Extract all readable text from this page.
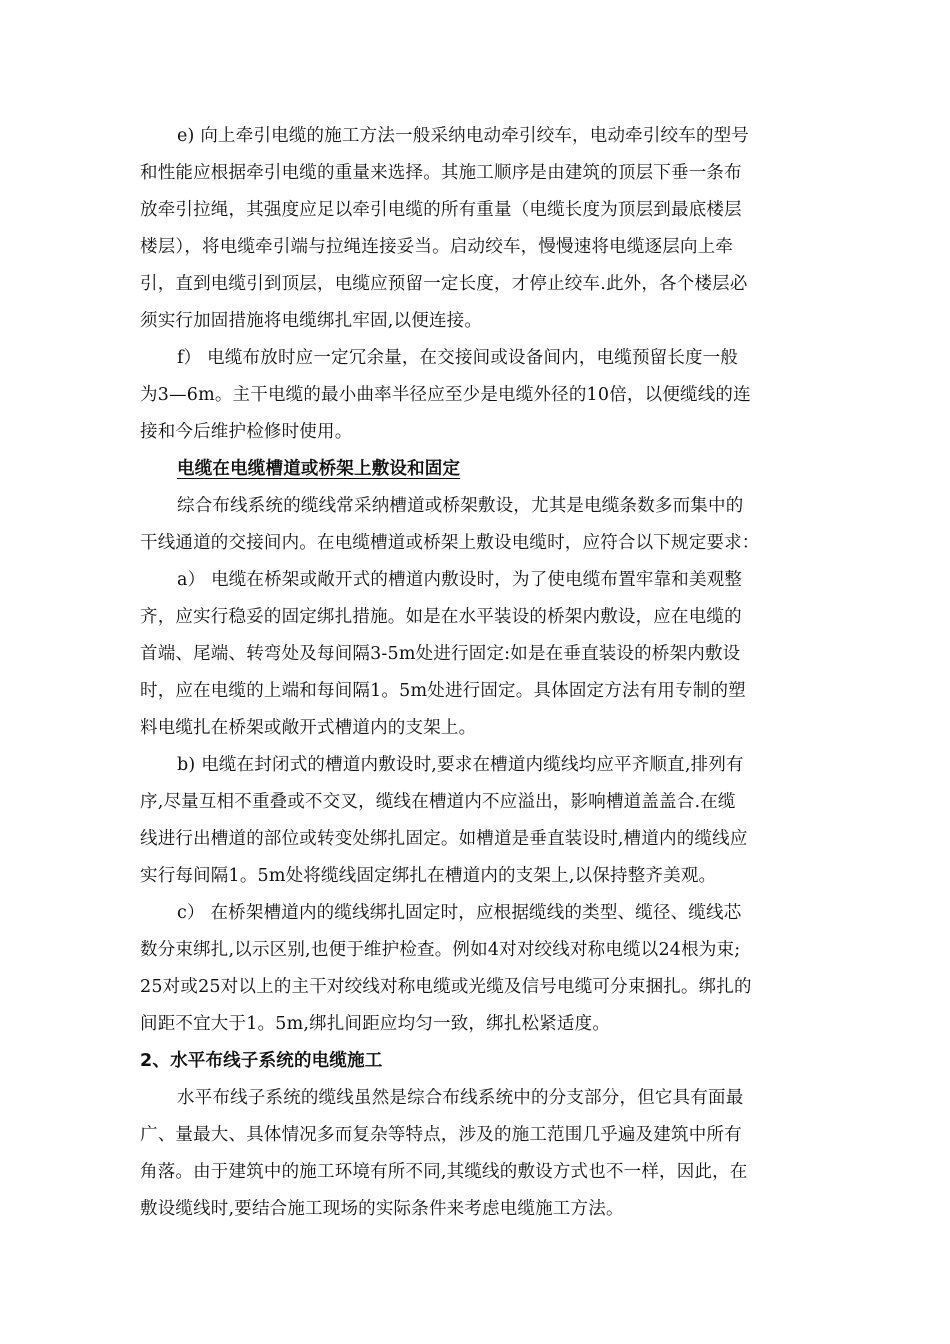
e) 向上牵引电缆的施工方法一般采纳电动牵引绞车，电动牵引绞车的型号
和性能应根据牵引电缆的重量来选择。其施工顺序是由建筑的顶层下垂一条布
放牵引拉绳，其强度应足以牵引电缆的所有重量（电缆长度为顶层到最底楼层
楼层），将电缆牵引端与拉绳连接妥当。启动绞车，慢慢速将电缆逐层向上牵
引，直到电缆引到顶层，电缆应预留一定长度，才停止绞车.此外，各个楼层必
须实行加固措施将电缆绑扎牢固,以便连接。
f） 电缆布放时应一定冗余量，在交接间或设备间内，电缆预留长度一般
为3—6m。主干电缆的最小曲率半径应至少是电缆外径的10倍，以便缆线的连
接和今后维护检修时使用。
电缆在电缆槽道或桥架上敷设和固定
综合布线系统的缆线常采纳槽道或桥架敷设，尤其是电缆条数多而集中的
干线通道的交接间内。在电缆槽道或桥架上敷设电缆时，应符合以下规定要求：
a） 电缆在桥架或敞开式的槽道内敷设时，为了使电缆布置牢靠和美观整
齐，应实行稳妥的固定绑扎措施。如是在水平装设的桥架内敷设，应在电缆的
首端、尾端、转弯处及每间隔3-5m处进行固定:如是在垂直装设的桥架内敷设
时，应在电缆的上端和每间隔1。5m处进行固定。具体固定方法有用专制的塑
料电缆扎在桥架或敞开式槽道内的支架上。
b) 电缆在封闭式的槽道内敷设时,要求在槽道内缆线均应平齐顺直,排列有
序,尽量互相不重叠或不交叉，缆线在槽道内不应溢出，影响槽道盖盖合.在缆
线进行出槽道的部位或转变处绑扎固定。如槽道是垂直装设时,槽道内的缆线应
实行每间隔1。5m处将缆线固定绑扎在槽道内的支架上,以保持整齐美观。
c） 在桥架槽道内的缆线绑扎固定时，应根据缆线的类型、缆径、缆线芯
数分束绑扎,以示区别,也便于维护检查。例如4对对绞线对称电缆以24根为束;
25对或25对以上的主干对绞线对称电缆或光缆及信号电缆可分束捆扎。绑扎的
间距不宜大于1。5m,绑扎间距应均匀一致，绑扎松紧适度。
2、水平布线子系统的电缆施工
水平布线子系统的缆线虽然是综合布线系统中的分支部分，但它具有面最
广、量最大、具体情况多而复杂等特点，涉及的施工范围几乎遍及建筑中所有
角落。由于建筑中的施工环境有所不同,其缆线的敷设方式也不一样，因此，在
敷设缆线时,要结合施工现场的实际条件来考虑电缆施工方法。
